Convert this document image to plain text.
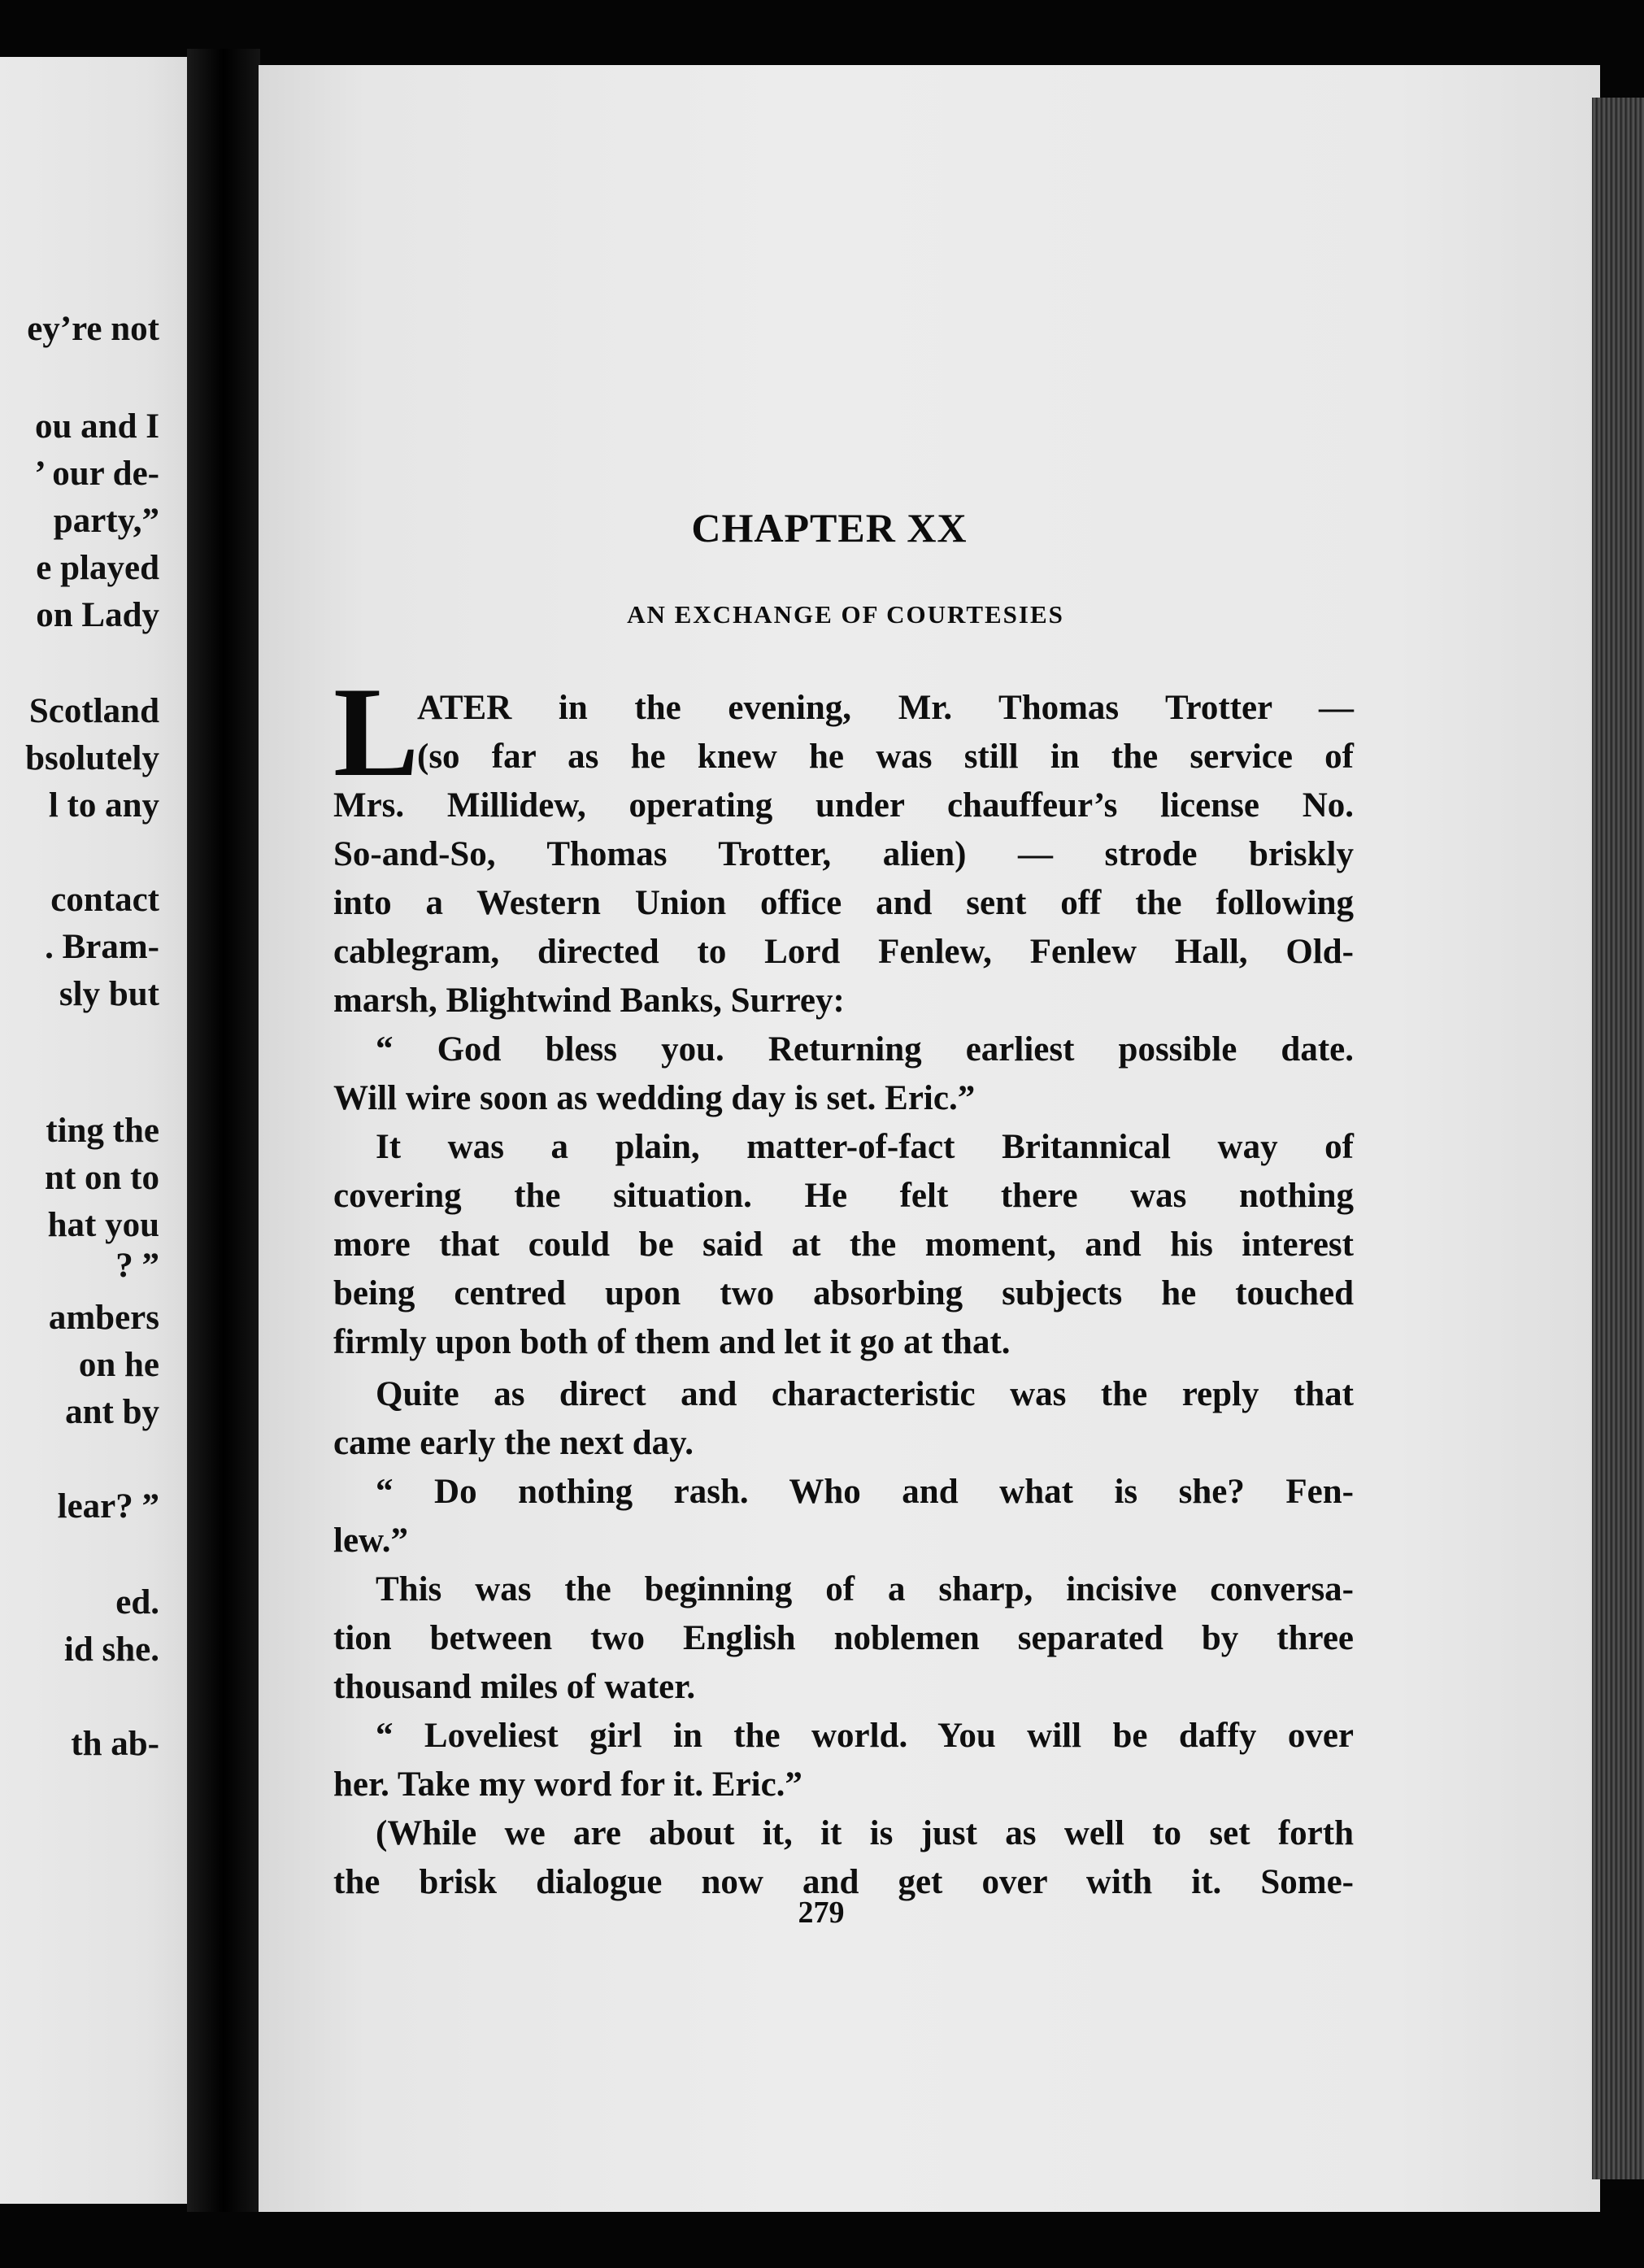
ey’re not

ou and I

’ our de-

party,”

e played

on Lady

Scotland

bsolutely

l to any

contact

. Bram-

sly but

ting the

nt on to

hat you

? ”

ambers

on he

ant by

lear? ”

ed.

id she.

th ab-

CHAPTER XX
AN EXCHANGE OF COURTESIES

L

ATER in the evening, Mr. Thomas Trotter —

(so far as he knew he was still in the service of

Mrs. Millidew, operating under chauffeur’s license No.

So-and-So, Thomas Trotter, alien) — strode briskly

into a Western Union office and sent off the following

cablegram, directed to Lord Fenlew, Fenlew Hall, Old-

marsh, Blightwind Banks, Surrey:

“ God bless you. Returning earliest possible date.

Will wire soon as wedding day is set. Eric.”

It was a plain, matter-of-fact Britannical way of

covering the situation. He felt there was nothing

more that could be said at the moment, and his interest

being centred upon two absorbing subjects he touched

firmly upon both of them and let it go at that.

Quite as direct and characteristic was the reply that

came early the next day.

“ Do nothing rash. Who and what is she? Fen-

lew.”

This was the beginning of a sharp, incisive conversa-

tion between two English noblemen separated by three

thousand miles of water.

“ Loveliest girl in the world. You will be daffy over

her. Take my word for it. Eric.”

(While we are about it, it is just as well to set forth

the brisk dialogue now and get over with it. Some-

279
